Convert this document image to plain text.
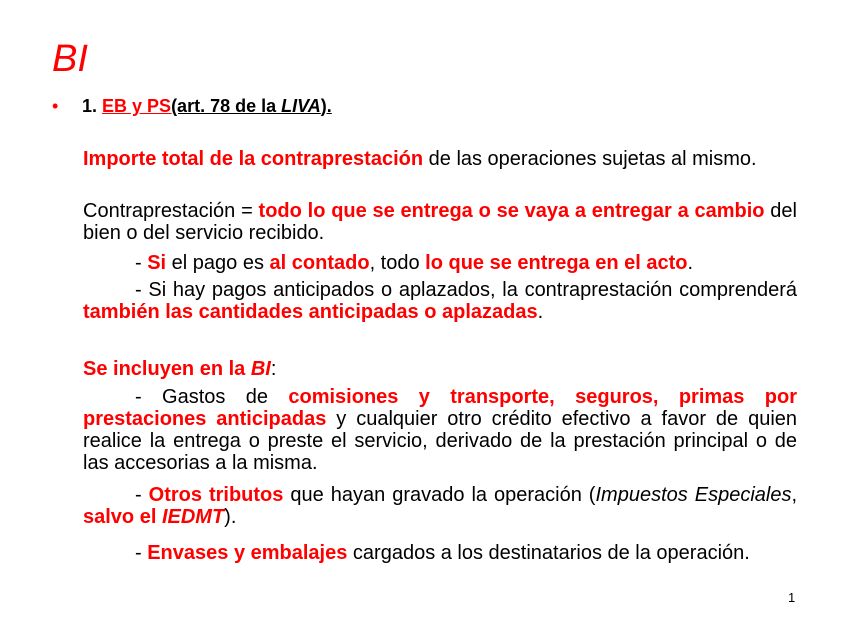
BI
• 1. EB y PS(art. 78 de la LIVA).
Importe total de la contraprestación de las operaciones sujetas al mismo.
Contraprestación = todo lo que se entrega o se vaya a entregar a cambio del bien o del servicio recibido.
- Si el pago es al contado, todo lo que se entrega en el acto.
- Si hay pagos anticipados o aplazados, la contraprestación comprenderá también las cantidades anticipadas o aplazadas.
Se incluyen en la BI:
- Gastos de comisiones y transporte, seguros, primas por prestaciones anticipadas y cualquier otro crédito efectivo a favor de quien realice la entrega o preste el servicio, derivado de la prestación principal o de las accesorias a la misma.
- Otros tributos que hayan gravado la operación (Impuestos Especiales, salvo el IEDMT).
- Envases y embalajes cargados a los destinatarios de la operación.
1
